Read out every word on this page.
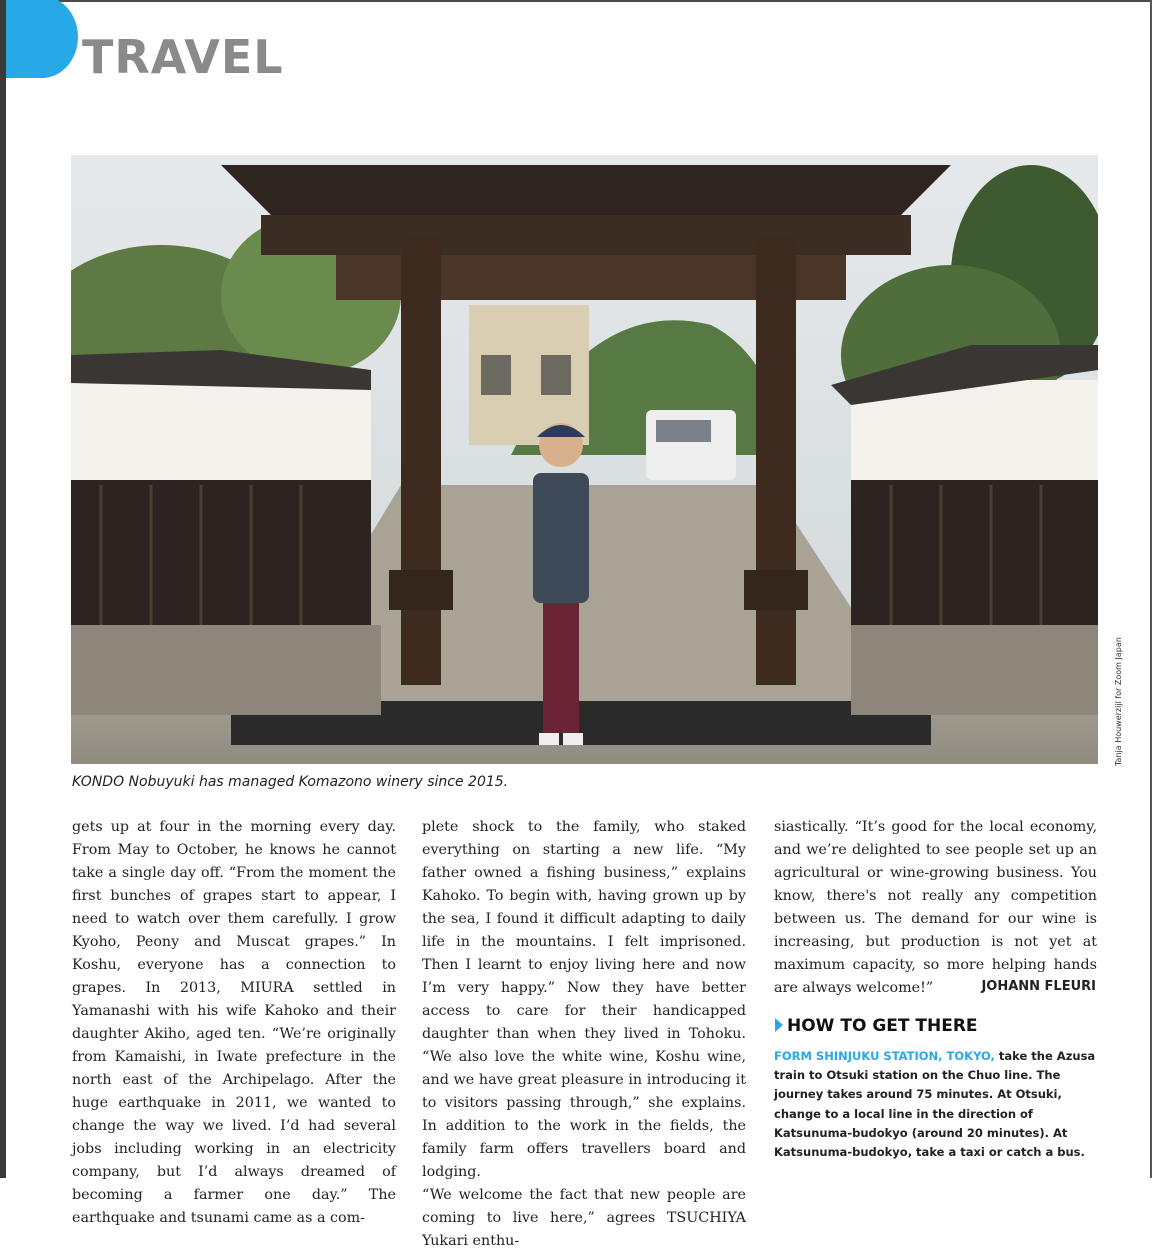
TRAVEL
Tanja Houwerzijl for Zoom Japan
KONDO Nobuyuki has managed Komazono winery since 2015.

gets up at four in the morning every day. From May to October, he knows he cannot take a single day off. “From the moment the first bunches of grapes start to appear, I need to watch over them carefully. I grow Kyoho, Peony and Muscat grapes.” In Koshu, everyone has a connection to grapes. In 2013, MIURA settled in Yamanashi with his wife Kahoko and their daughter Akiho, aged ten. “We’re originally from Kamaishi, in Iwate prefecture in the north east of the Archipelago. After the huge earthquake in 2011, we wanted to change the way we lived. I’d had several jobs including working in an electricity company, but I’d always dreamed of becoming a farmer one day.” The earthquake and tsunami came as a com-

plete shock to the family, who staked everything on starting a new life. “My father owned a fishing business,” explains Kahoko. To begin with, having grown up by the sea, I found it difficult adapting to daily life in the mountains. I felt imprisoned. Then I learnt to enjoy living here and now I’m very happy.” Now they have better access to care for their handicapped daughter than when they lived in Tohoku. “We also love the white wine, Koshu wine, and we have great pleasure in introducing it to visitors passing through,” she explains. In addition to the work in the fields, the family farm offers travellers board and lodging.

“We welcome the fact that new people are coming to live here,” agrees TSUCHIYA Yukari enthu-

siastically. “It’s good for the local economy, and we’re delighted to see people set up an agricultural or wine-growing business. You know, there's not really any competition between us. The demand for our wine is increasing, but production is not yet at maximum capacity, so more helping hands are always welcome!”	JOHANN FLEURI
HOW TO GET THERE
FORM SHINJUKU STATION, TOKYO, take the Azusa train to Otsuki station on the Chuo line. The journey takes around 75 minutes. At Otsuki, change to a local line in the direction of Katsunuma-budokyo (around 20 minutes). At Katsunuma-budokyo, take a taxi or catch a bus.
